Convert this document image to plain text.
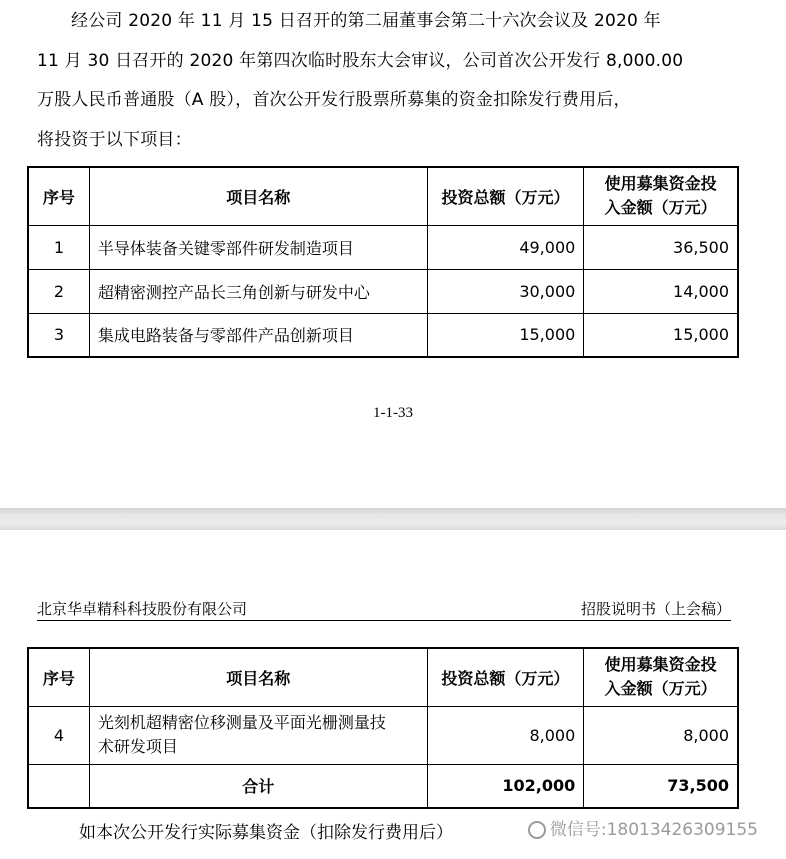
经公司 2020 年 11 月 15 日召开的第二届董事会第二十六次会议及 2020 年
11 月 30 日召开的 2020 年第四次临时股东大会审议，公司首次公开发行 8,000.00
万股人民币普通股（A 股），首次公开发行股票所募集的资金扣除发行费用后，
将投资于以下项目：

序号	项目名称	投资总额（万元）	使用募集资金投
入金额（万元）

1	半导体装备关键零部件研发制造项目	49,000	36,500
2	超精密测控产品长三角创新与研发中心	30,000	14,000
3	集成电路装备与零部件产品创新项目	15,000	15,000
1-1-33
北京华卓精科科技股份有限公司	招股说明书（上会稿）
序号	项目名称	投资总额（万元）	使用募集资金投
入金额（万元）

4	光刻机超精密位移测量及平面光栅测量技
术研发项目	8,000	8,000
	合计	102,000	73,500
如本次公开发行实际募集资金（扣除发行费用后）	微信号:18013426309155
